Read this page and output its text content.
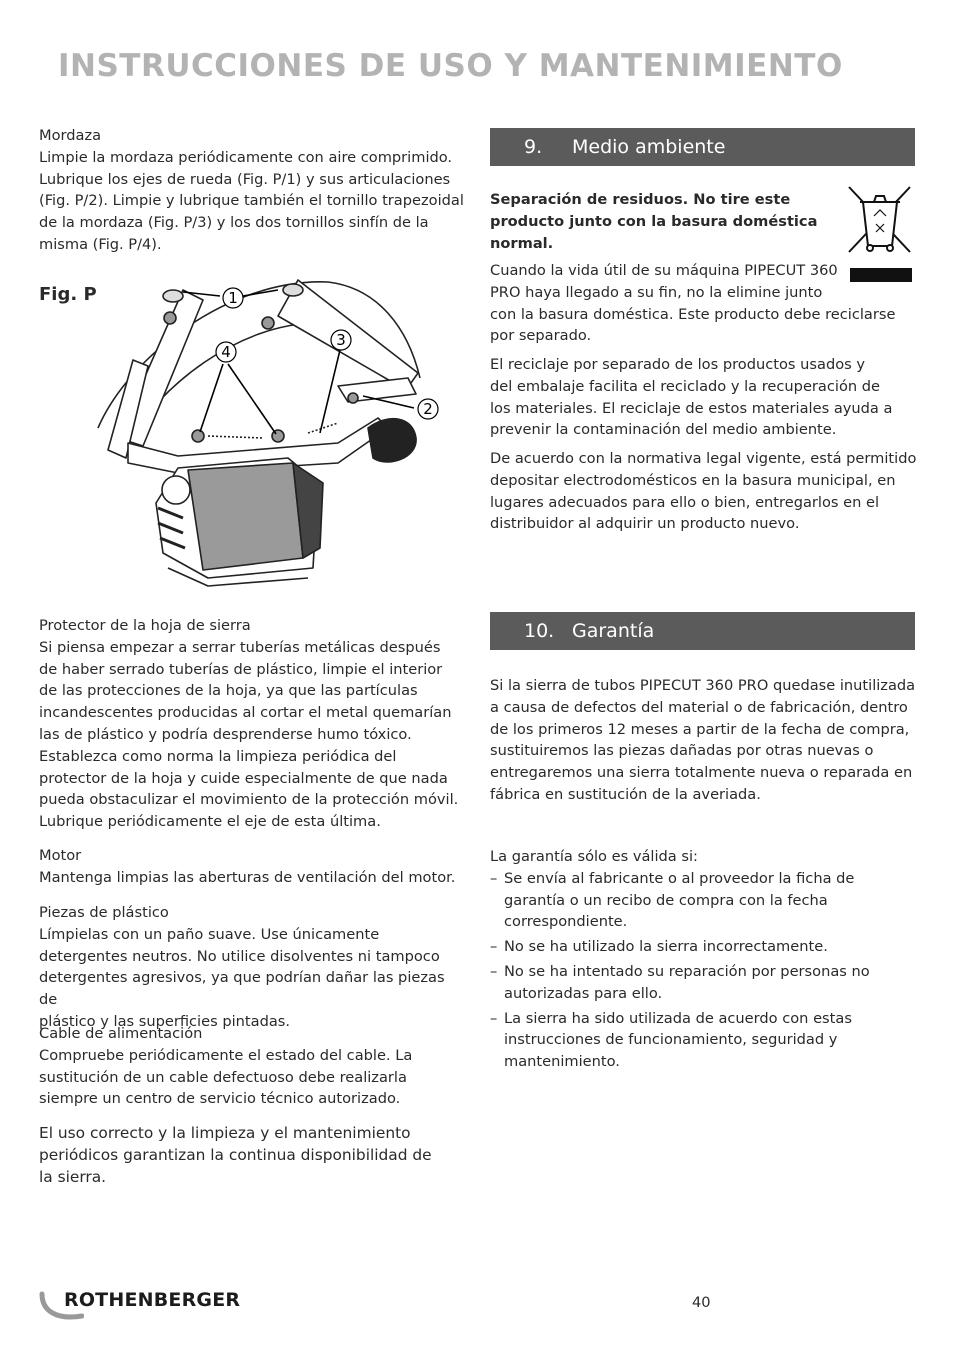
INSTRUCCIONES DE USO Y MANTENIMIENTO
Mordaza
Limpie la mordaza periódicamente con aire comprimido.
Lubrique los ejes de rueda (Fig. P/1) y sus articulaciones
(Fig. P/2). Limpie y lubrique también el tornillo trapezoidal
de la mordaza (Fig. P/3) y los dos tornillos sinfín de la
misma (Fig. P/4).
Fig. P	1
2
3
4
Protector de la hoja de sierra
Si piensa empezar a serrar tuberías metálicas después
de haber serrado tuberías de plástico, limpie el interior
de las protecciones de la hoja, ya que las partículas
incandescentes producidas al cortar el metal quemarían
las de plástico y podría desprenderse humo tóxico.
Establezca como norma la limpieza periódica del
protector de la hoja y cuide especialmente de que nada
pueda obstaculizar el movimiento de la protección móvil.
Lubrique periódicamente el eje de esta última.
Motor
Mantenga limpias las aberturas de ventilación del motor.
Piezas de plástico
Límpielas con un paño suave. Use únicamente
detergentes neutros. No utilice disolventes ni tampoco
detergentes agresivos, ya que podrían dañar las piezas de
plástico y las superficies pintadas.
Cable de alimentación
Compruebe periódicamente el estado del cable. La
sustitución de un cable defectuoso debe realizarla
siempre un centro de servicio técnico autorizado.
El uso correcto y la limpieza y el mantenimiento
periódicos garantizan la continua disponibilidad de
la sierra.
9. Medio ambiente
Separación de residuos. No tire este
producto junto con la basura doméstica
normal.
Cuando la vida útil de su máquina PIPECUT 360
PRO haya llegado a su fin, no la elimine junto
con la basura doméstica. Este producto debe reciclarse
por separado.
El reciclaje por separado de los productos usados y
del embalaje facilita el reciclado y la recuperación de
los materiales. El reciclaje de estos materiales ayuda a
prevenir la contaminación del medio ambiente.
De acuerdo con la normativa legal vigente, está permitido
depositar electrodomésticos en la basura municipal, en
lugares adecuados para ello o bien, entregarlos en el
distribuidor al adquirir un producto nuevo.
10. Garantía
Si la sierra de tubos PIPECUT 360 PRO quedase inutilizada
a causa de defectos del material o de fabricación, dentro
de los primeros 12 meses a partir de la fecha de compra,
sustituiremos las piezas dañadas por otras nuevas o
entregaremos una sierra totalmente nueva o reparada en
fábrica en sustitución de la averiada.
La garantía sólo es válida si:
– Se envía al fabricante o al proveedor la ficha de
garantía o un recibo de compra con la fecha
correspondiente.
– No se ha utilizado la sierra incorrectamente.
– No se ha intentado su reparación por personas no
autorizadas para ello.
– La sierra ha sido utilizada de acuerdo con estas
instrucciones de funcionamiento, seguridad y
mantenimiento.
ROTHENBERGER	40
